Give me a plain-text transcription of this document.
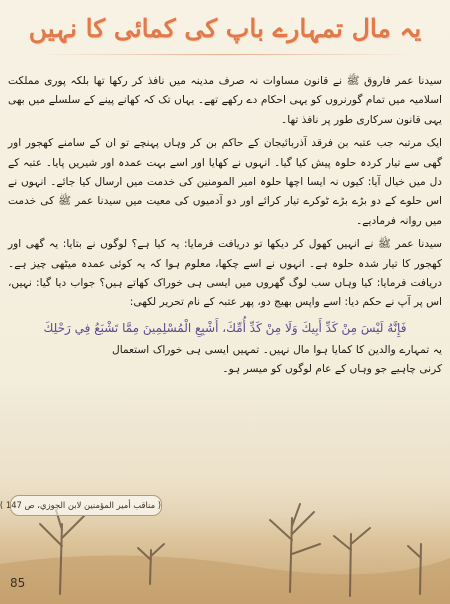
یہ مال تمہارے باپ کی کمائی کا نہیں

سیدنا عمر فاروق ﷺ نے قانون مساوات نہ صرف مدینہ میں نافذ کر رکھا تھا بلکہ پوری مملکت اسلامیہ میں تمام گورنروں کو یہی احکام دے رکھے تھے۔ یہاں تک کہ کھانے پینے کے سلسلے میں بھی یہی قانون سرکاری طور پر نافذ تھا۔

ایک مرتبہ جب عتبہ بن فرقد آذربائیجان کے حاکم بن کر وہاں پہنچے تو ان کے سامنے کھجور اور گھی سے تیار کردہ حلوہ پیش کیا گیا۔ انہوں نے کھایا اور اسے بہت عمدہ اور شیریں پایا۔ عتبہ کے دل میں خیال آیا: کیوں نہ ایسا اچھا حلوہ امیر المومنین کی خدمت میں ارسال کیا جائے۔ انہوں نے اس حلوے کے دو بڑے بڑے ٹوکرے تیار کرائے اور دو آدمیوں کی معیت میں سیدنا عمر ﷺ کی خدمت میں روانہ فرمادیے۔

سیدنا عمر ﷺ نے انہیں کھول کر دیکھا تو دریافت فرمایا: یہ کیا ہے؟ لوگوں نے بتایا: یہ گھی اور کھجور کا تیار شدہ حلوہ ہے۔ انہوں نے اسے چکھا، معلوم ہوا کہ یہ کوئی عمدہ میٹھی چیز ہے۔ دریافت فرمایا: کیا وہاں سب لوگ گھروں میں ایسی ہی خوراک کھاتے ہیں؟ جواب دیا گیا: نہیں، اس پر آپ نے حکم دیا: اسے واپس بھیج دو، پھر عتبہ کے نام تحریر لکھی:

فَإِنَّهُ لَيْسَ مِنْ كَدِّ أَبِيكَ وَلَا مِنْ كَدِّ أُمِّكَ، أَشْبِعِ الْمُسْلِمِينَ مِمَّا تَشْبَعُ فِي رَحْلِكَ

یہ تمہارے والدین کا کمایا ہوا مال نہیں۔ تمہیں ایسی ہی خوراک استعمال کرنی چاہیے جو وہاں کے عام لوگوں کو میسر ہو۔

( مناقب أمير المؤمنين لابن الجوزي، ص 147 )
85
